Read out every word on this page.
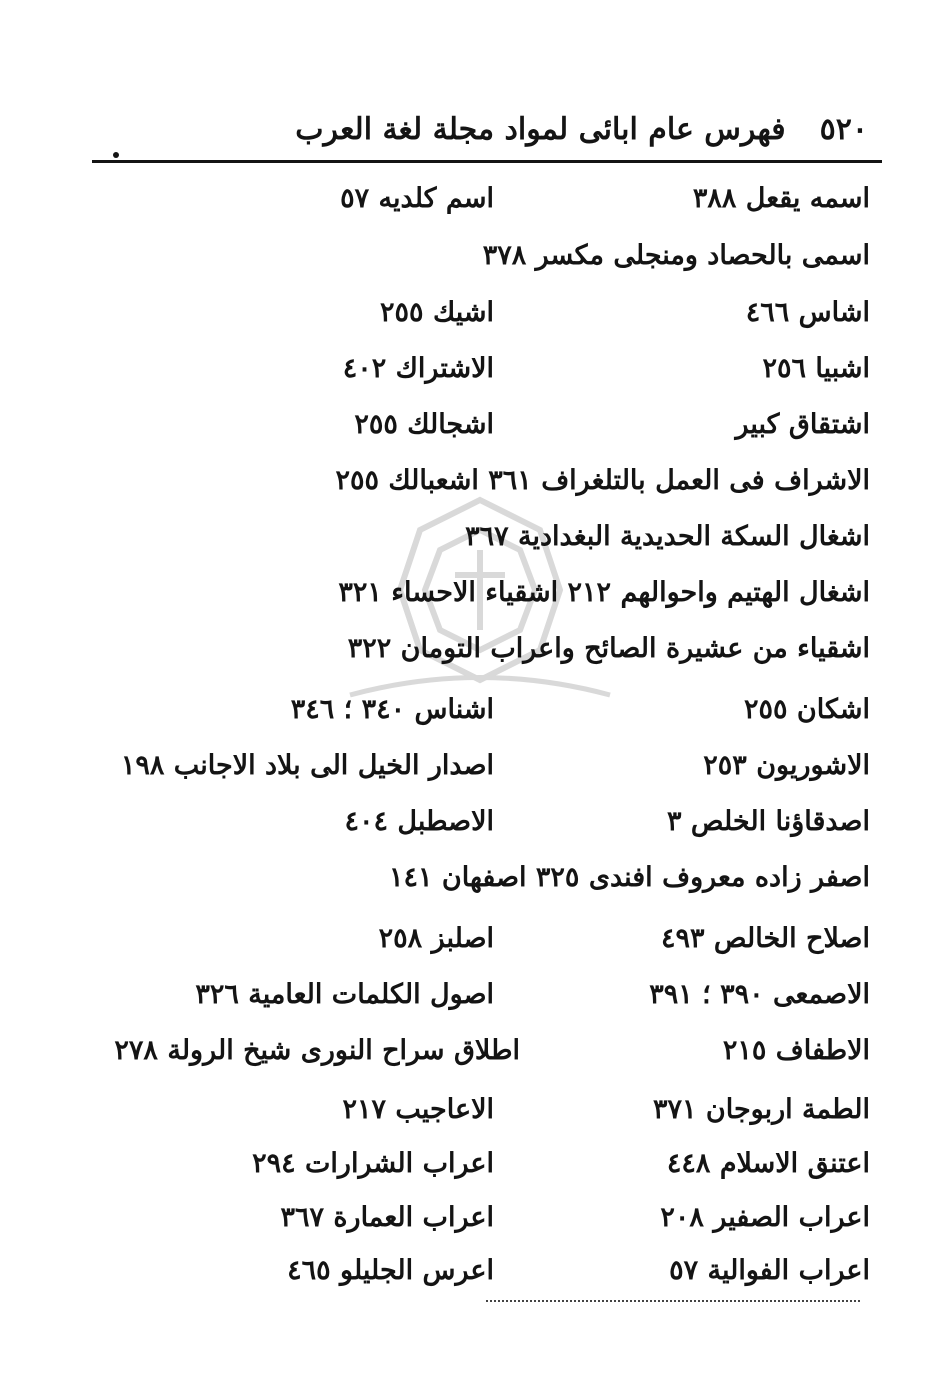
٥٢٠
فهرس عام ابائى لمواد مجلة لغة العرب
اسمه يقعل ٣٨٨
اسم كلديه ٥٧
اسمى بالحصاد ومنجلى مكسر ٣٧٨
اشاس ٤٦٦
اشيك ٢٥٥
اشبيا ٢٥٦
الاشتراك ٤٠٢
اشتقاق كبير
اشجالك ٢٥٥
الاشراف فى العمل بالتلغراف ٣٦١ اشعبالك ٢٥٥
اشغال السكة الحديدية البغدادية ٣٦٧
اشغال الهتيم واحوالهم ٢١٢ اشقياء الاحساء ٣٢١
اشقياء من عشيرة الصائح واعراب التومان ٣٢٢
اشكان ٢٥٥
اشناس ٣٤٠ ؛ ٣٤٦
الاشوريون ٢٥٣
اصدار الخيل الى بلاد الاجانب ١٩٨
اصدقاؤنا الخلص ٣
الاصطبل ٤٠٤
اصفر زاده معروف افندى ٣٢٥ اصفهان ١٤١
اصلاح الخالص ٤٩٣
اصلبز ٢٥٨
الاصمعى ٣٩٠ ؛ ٣٩١
اصول الكلمات العامية ٣٢٦
الاطفاف ٢١٥
اطلاق سراح النورى شيخ الرولة ٢٧٨
الطمة اربوجان ٣٧١
الاعاجيب ٢١٧
اعتنق الاسلام ٤٤٨
اعراب الشرارات ٢٩٤
اعراب الصفير ٢٠٨
اعراب العمارة ٣٦٧
اعراب الفوالية ٥٧
اعرس الجليلو ٤٦٥
